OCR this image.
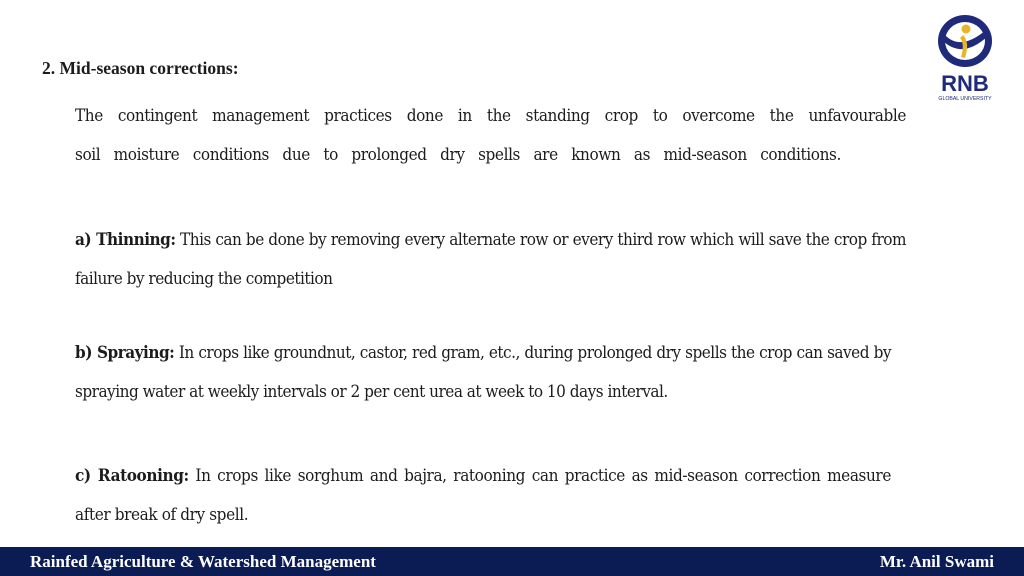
2. Mid-season corrections:
The contingent management practices done in the standing crop to overcome the unfavourable soil moisture conditions due to prolonged dry spells are known as mid-season conditions.
a) Thinning: This can be done by removing every alternate row or every third row which will save the crop from failure by reducing the competition
b) Spraying: In crops like groundnut, castor, red gram, etc., during prolonged dry spells the crop can saved by spraying water at weekly intervals or 2 per cent urea at week to 10 days interval.
c) Ratooning: In crops like sorghum and bajra, ratooning can practice as mid-season correction measure after break of dry spell.
RNB
GLOBAL UNIVERSITY
Rainfed Agriculture & Watershed Management	Mr. Anil Swami
